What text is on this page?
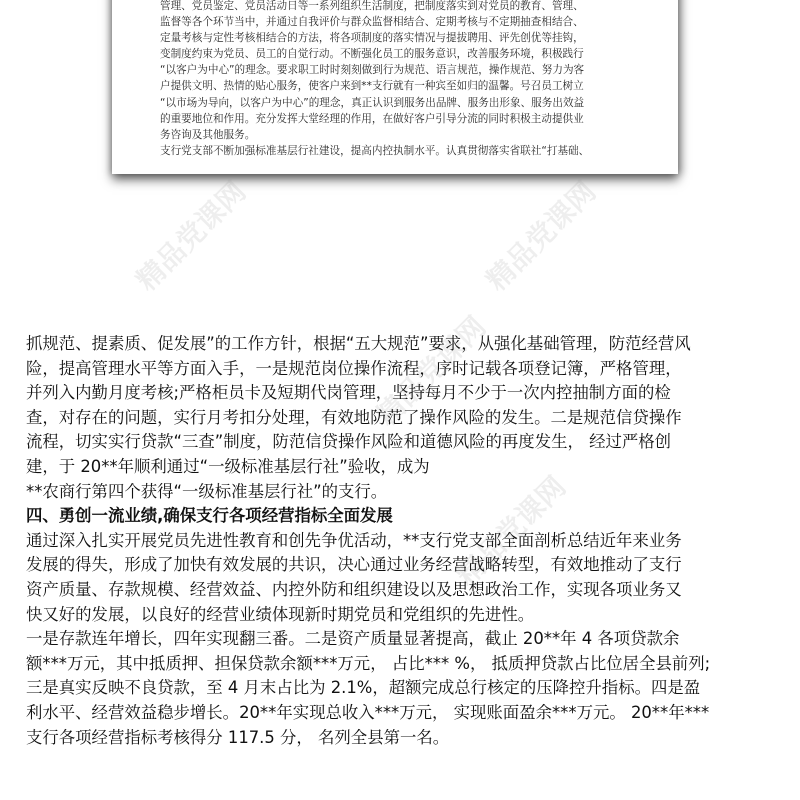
管理、党员鉴定、党员活动日等一系列组织生活制度，把制度落实到对党员的教育、管理、
监督等各个环节当中，并通过自我评价与群众监督相结合、定期考核与不定期抽查相结合、
定量考核与定性考核相结合的方法，将各项制度的落实情况与提拔聘用、评先创优等挂钩，
变制度约束为党员、员工的自觉行动。不断强化员工的服务意识，改善服务环境，积极践行
“以客户为中心”的理念。要求职工时时刻刻做到行为规范、语言规范，操作规范、努力为客
户提供文明、热情的贴心服务，使客户来到**支行就有一种宾至如归的温馨。号召员工树立
“以市场为导向，以客户为中心”的理念，真正认识到服务出品牌、服务出形象、服务出效益
的重要地位和作用。充分发挥大堂经理的作用，在做好客户引导分流的同时积极主动提供业
务咨询及其他服务。
支行党支部不断加强标准基层行社建设，提高内控执制水平。认真贯彻落实省联社“打基础、
精品党课网	精品党课网
精品党课网
精品党课网
抓规范、提素质、促发展”的工作方针，根据“五大规范”要求，从强化基础管理，防范经营风
险，提高管理水平等方面入手，一是规范岗位操作流程，序时记载各项登记簿，严格管理，
并列入内勤月度考核;严格柜员卡及短期代岗管理，坚持每月不少于一次内控抽制方面的检
查，对存在的问题，实行月考扣分处理，有效地防范了操作风险的发生。二是规范信贷操作
流程，切实实行贷款“三查”制度，防范信贷操作风险和道德风险的再度发生， 经过严格创
建，于 20**年顺利通过“一级标准基层行社”验收，成为
**农商行第四个获得“一级标准基层行社”的支行。
四、勇创一流业绩,确保支行各项经营指标全面发展
通过深入扎实开展党员先进性教育和创先争优活动，**支行党支部全面剖析总结近年来业务
发展的得失，形成了加快有效发展的共识，决心通过业务经营战略转型，有效地推动了支行
资产质量、存款规模、经营效益、内控外防和组织建设以及思想政治工作，实现各项业务又
快又好的发展，以良好的经营业绩体现新时期党员和党组织的先进性。
一是存款连年增长，四年实现翻三番。二是资产质量显著提高，截止 20**年 4 各项贷款余
额***万元，其中抵质押、担保贷款余额***万元， 占比*** %， 抵质押贷款占比位居全县前列;
三是真实反映不良贷款，至 4 月末占比为 2.1%，超额完成总行核定的压降控升指标。四是盈
利水平、经营效益稳步增长。20**年实现总收入***万元， 实现账面盈余***万元。 20**年***
支行各项经营指标考核得分 117.5 分， 名列全县第一名。
